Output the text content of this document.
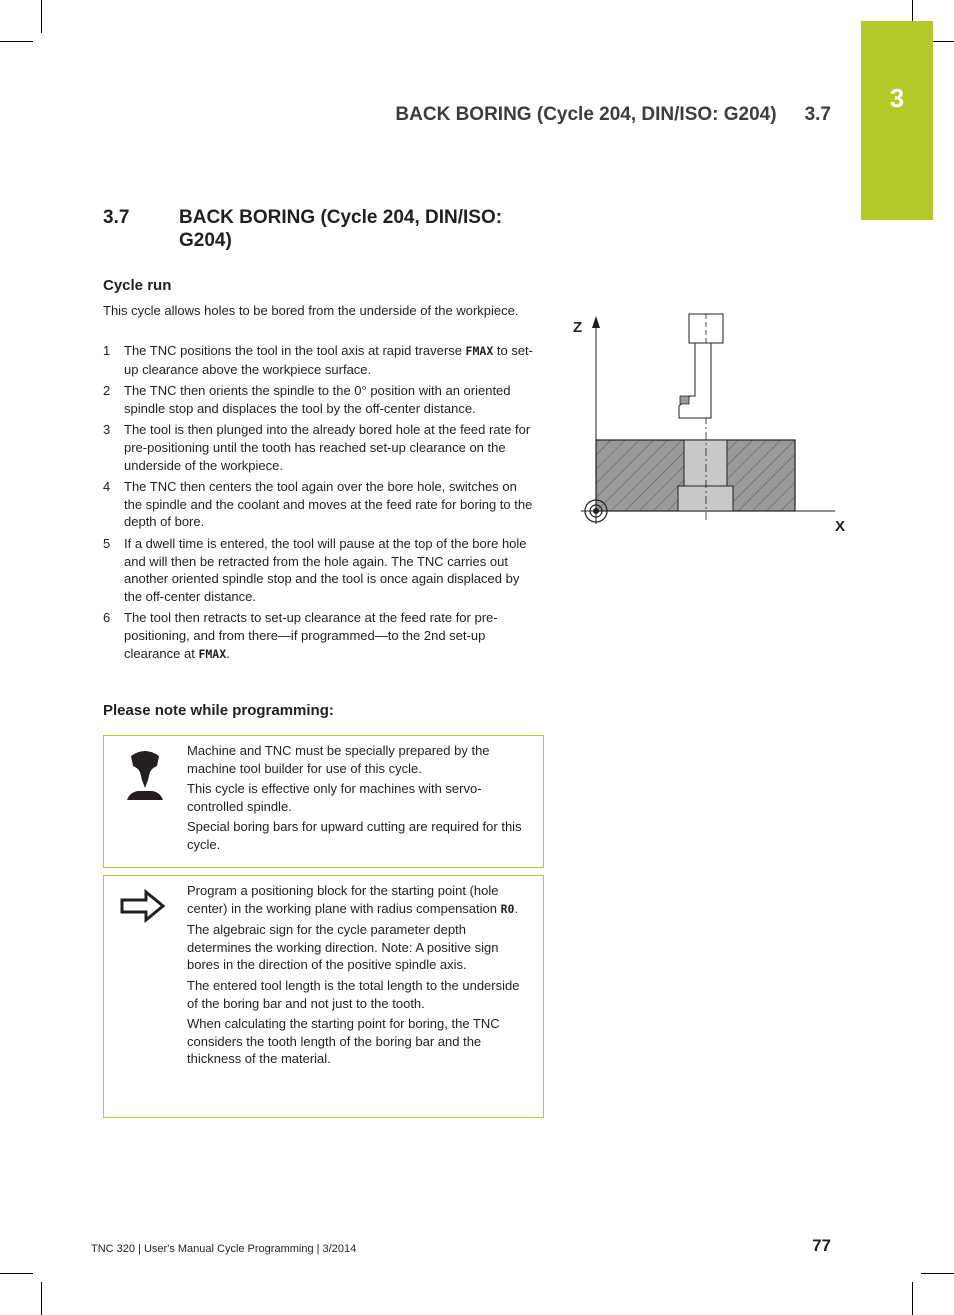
3
BACK BORING (Cycle 204, DIN/ISO: G204) 3.7
3.7	BACK BORING (Cycle 204, DIN/ISO: G204)
Cycle run
This cycle allows holes to be bored from the underside of the workpiece.
1 The TNC positions the tool in the tool axis at rapid traverse FMAX to set-up clearance above the workpiece surface.
2 The TNC then orients the spindle to the 0° position with an oriented spindle stop and displaces the tool by the off-center distance.
3 The tool is then plunged into the already bored hole at the feed rate for pre-positioning until the tooth has reached set-up clearance on the underside of the workpiece.
4 The TNC then centers the tool again over the bore hole, switches on the spindle and the coolant and moves at the feed rate for boring to the depth of bore.
5 If a dwell time is entered, the tool will pause at the top of the bore hole and will then be retracted from the hole again. The TNC carries out another oriented spindle stop and the tool is once again displaced by the off-center distance.
6 The tool then retracts to set-up clearance at the feed rate for pre-positioning, and from there—if programmed—to the 2nd set-up clearance at FMAX.
Please note while programming:

Machine and TNC must be specially prepared by the machine tool builder for use of this cycle.

This cycle is effective only for machines with servo-controlled spindle.

Special boring bars for upward cutting are required for this cycle.

Program a positioning block for the starting point (hole center) in the working plane with radius compensation R0.

The algebraic sign for the cycle parameter depth determines the working direction. Note: A positive sign bores in the direction of the positive spindle axis.

The entered tool length is the total length to the underside of the boring bar and not just to the tooth.

When calculating the starting point for boring, the TNC considers the tooth length of the boring bar and the thickness of the material.

Z
X
TNC 320 | User's Manual Cycle Programming | 3/2014	77
